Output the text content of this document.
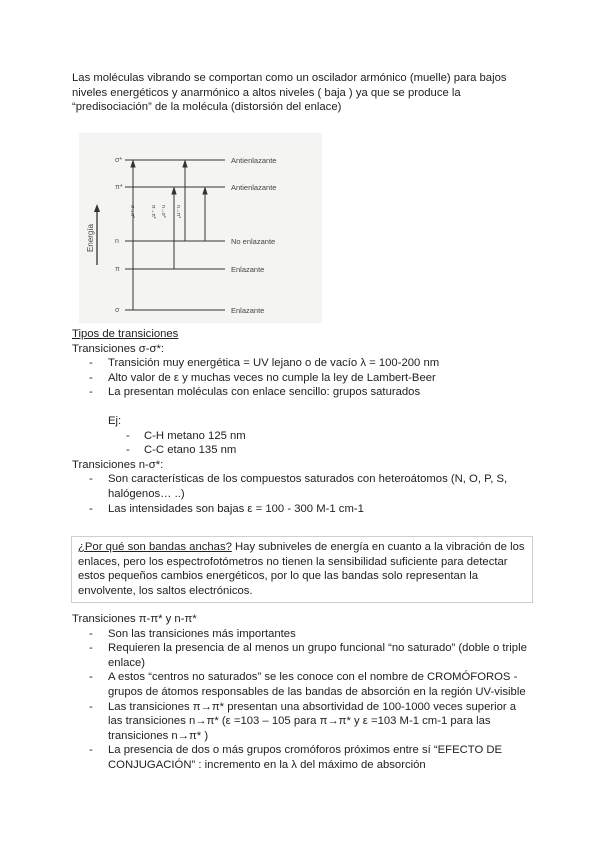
Las moléculas vibrando se comportan como un oscilador armónico (muelle) para bajos niveles energéticos y anarmónico a altos niveles ( baja ) ya que se produce la “predisociación” de la molécula (distorsión del enlace)
Energía
σ*	Antienlazante
π*	Antienlazante
n	No enlazante
π	Enlazante
σ	Enlazante
σ→σ*	π→π* n→σ* n→π*
Tipos de transiciones
Transiciones σ-σ*:
- Transición muy energética = UV lejano o de vacío λ = 100-200 nm
- Alto valor de ε y muchas veces no cumple la ley de Lambert-Beer
- La presentan moléculas con enlace sencillo: grupos saturados
Ej:
- C-H metano 125 nm
- C-C etano 135 nm
Transiciones n-σ*:
- Son características de los compuestos saturados con heteroátomos (N, O, P, S, halógenos… ..)
- Las intensidades son bajas ε = 100 - 300 M-1 cm-1
¿Por qué son bandas anchas? Hay subniveles de energía en cuanto a la vibración de los enlaces, pero los espectrofotómetros no tienen la sensibilidad suficiente para detectar estos pequeños cambios energéticos, por lo que las bandas solo representan la envolvente, los saltos electrónicos.
Transiciones π-π* y n-π*
- Son las transiciones más importantes
- Requieren la presencia de al menos un grupo funcional “no saturado” (doble o triple enlace)
- A estos “centros no saturados” se les conoce con el nombre de CROMÓFOROS - grupos de átomos responsables de las bandas de absorción en la región UV-visible
- Las transiciones π→π* presentan una absortividad de 100-1000 veces superior a las transiciones n→π* (ε =103 – 105 para π→π* y ε =103 M-1 cm-1 para las transiciones n→π* )
- La presencia de dos o más grupos cromóforos próximos entre sí “EFECTO DE CONJUGACIÓN” : incremento en la λ del máximo de absorción
